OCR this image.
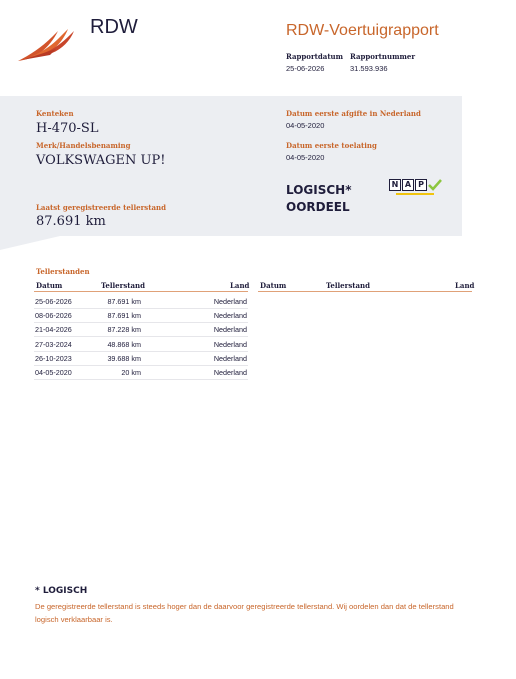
RDW	RDW-Voertuigrapport
Rapportdatum
25-06-2026
Rapportnummer
31.593.936
Kenteken
H-470-SL
Merk/Handelsbenaming
VOLKSWAGEN UP!
Laatst geregistreerde tellerstand
87.691 km
Datum eerste afgifte in Nederland
04-05-2020
Datum eerste toelating
04-05-2020
LOGISCH*
OORDEEL
N A P
Tellerstanden
Datum	Tellerstand	Land Datum	Tellerstand	Land
25-06-2026	87.691 km	Nederland
08-06-2026	87.691 km	Nederland
21-04-2026	87.228 km	Nederland
27-03-2024	48.868 km	Nederland
26-10-2023	39.688 km	Nederland
04-05-2020	20 km	Nederland
* LOGISCH
De geregistreerde tellerstand is steeds hoger dan de daarvoor geregistreerde tellerstand. Wij oordelen dan dat de tellerstand logisch verklaarbaar is.
